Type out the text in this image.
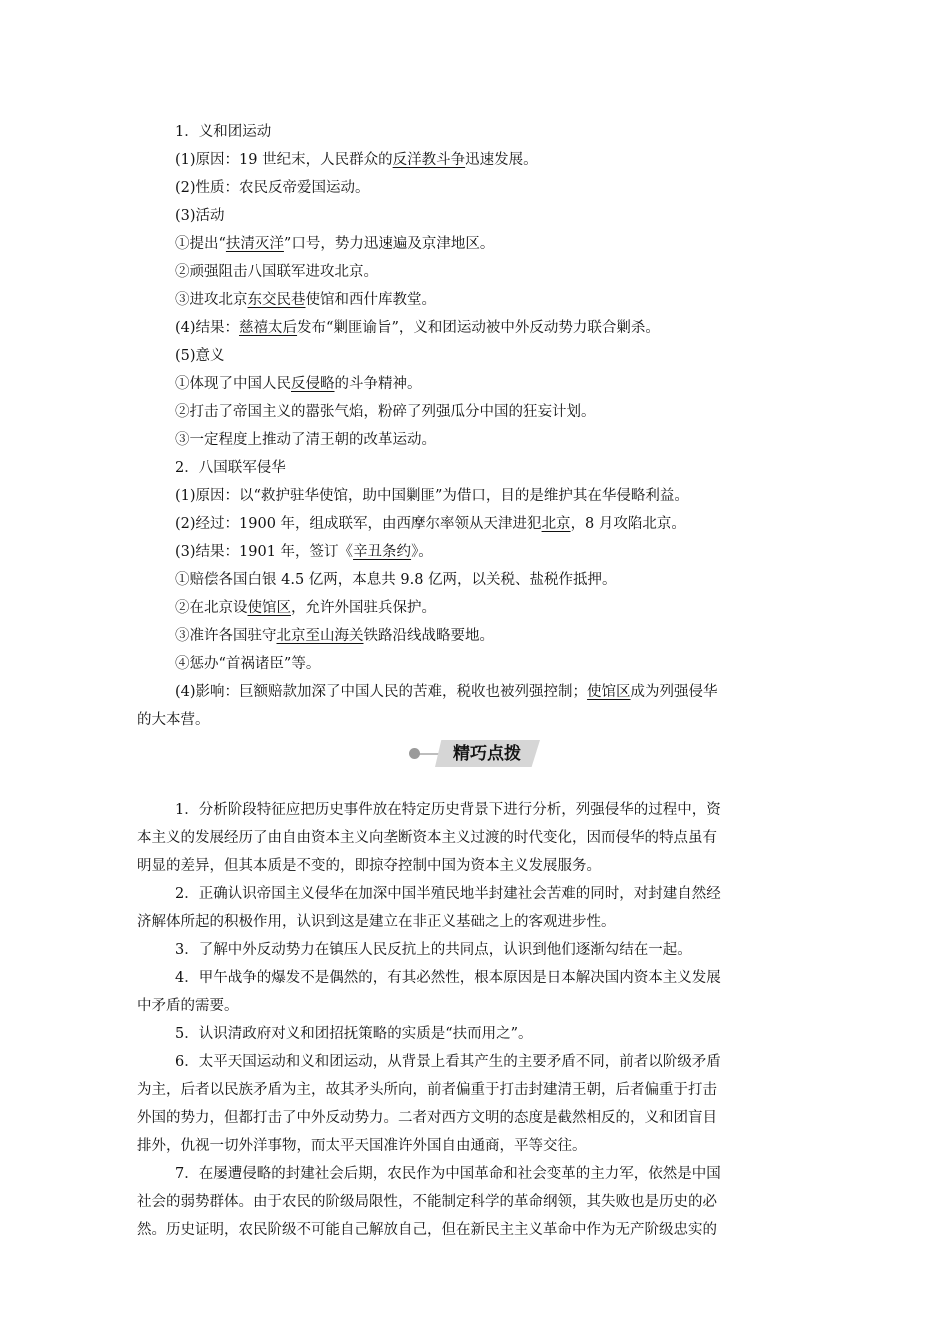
1．义和团运动
(1)原因：19 世纪末，人民群众的反洋教斗争迅速发展。
(2)性质：农民反帝爱国运动。
(3)活动
①提出“扶清灭洋”口号，势力迅速遍及京津地区。
②顽强阻击八国联军进攻北京。
③进攻北京东交民巷使馆和西什库教堂。
(4)结果：慈禧太后发布“剿匪谕旨”，义和团运动被中外反动势力联合剿杀。
(5)意义
①体现了中国人民反侵略的斗争精神。
②打击了帝国主义的嚣张气焰，粉碎了列强瓜分中国的狂妄计划。
③一定程度上推动了清王朝的改革运动。
2．八国联军侵华
(1)原因：以“救护驻华使馆，助中国剿匪”为借口，目的是维护其在华侵略利益。
(2)经过：1900 年，组成联军，由西摩尔率领从天津进犯北京，8 月攻陷北京。
(3)结果：1901 年，签订《辛丑条约》。
①赔偿各国白银 4.5 亿两，本息共 9.8 亿两，以关税、盐税作抵押。
②在北京设使馆区，允许外国驻兵保护。
③准许各国驻守北京至山海关铁路沿线战略要地。
④惩办“首祸诸臣”等。
(4)影响：巨额赔款加深了中国人民的苦难，税收也被列强控制；使馆区成为列强侵华
的大本营。
精巧点拨
1．分析阶段特征应把历史事件放在特定历史背景下进行分析，列强侵华的过程中，资
本主义的发展经历了由自由资本主义向垄断资本主义过渡的时代变化，因而侵华的特点虽有
明显的差异，但其本质是不变的，即掠夺控制中国为资本主义发展服务。
2．正确认识帝国主义侵华在加深中国半殖民地半封建社会苦难的同时，对封建自然经
济解体所起的积极作用，认识到这是建立在非正义基础之上的客观进步性。
3．了解中外反动势力在镇压人民反抗上的共同点，认识到他们逐渐勾结在一起。
4．甲午战争的爆发不是偶然的，有其必然性，根本原因是日本解决国内资本主义发展
中矛盾的需要。
5．认识清政府对义和团招抚策略的实质是“扶而用之”。
6．太平天国运动和义和团运动，从背景上看其产生的主要矛盾不同，前者以阶级矛盾
为主，后者以民族矛盾为主，故其矛头所向，前者偏重于打击封建清王朝，后者偏重于打击
外国的势力，但都打击了中外反动势力。二者对西方文明的态度是截然相反的，义和团盲目
排外，仇视一切外洋事物，而太平天国准许外国自由通商，平等交往。
7．在屡遭侵略的封建社会后期，农民作为中国革命和社会变革的主力军，依然是中国
社会的弱势群体。由于农民的阶级局限性，不能制定科学的革命纲领，其失败也是历史的必
然。历史证明，农民阶级不可能自己解放自己，但在新民主主义革命中作为无产阶级忠实的
